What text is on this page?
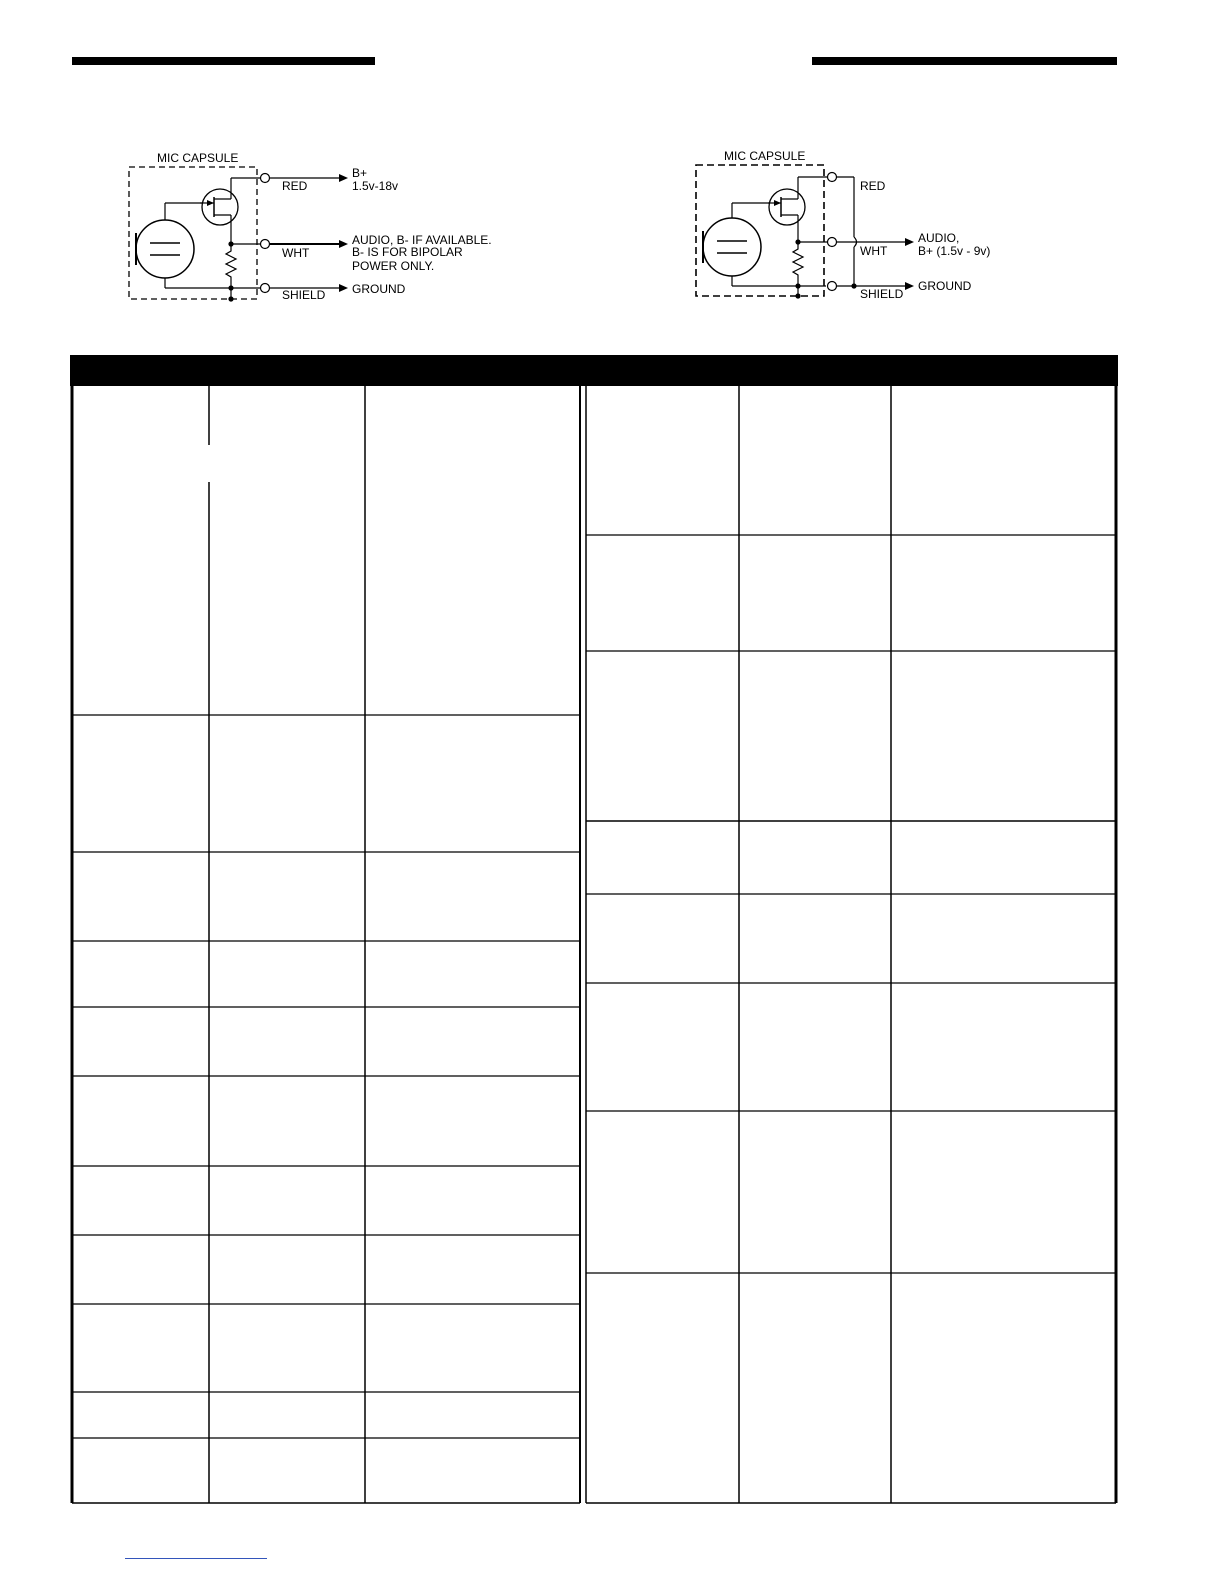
MIC CAPSULE
RED
WHT
SHIELD
B+
1.5v-18v
AUDIO, B- IF AVAILABLE.
B- IS FOR BIPOLAR
POWER ONLY.
GROUND
MIC CAPSULE
RED
WHT
SHIELD
AUDIO,
B+ (1.5v - 9v)
GROUND
